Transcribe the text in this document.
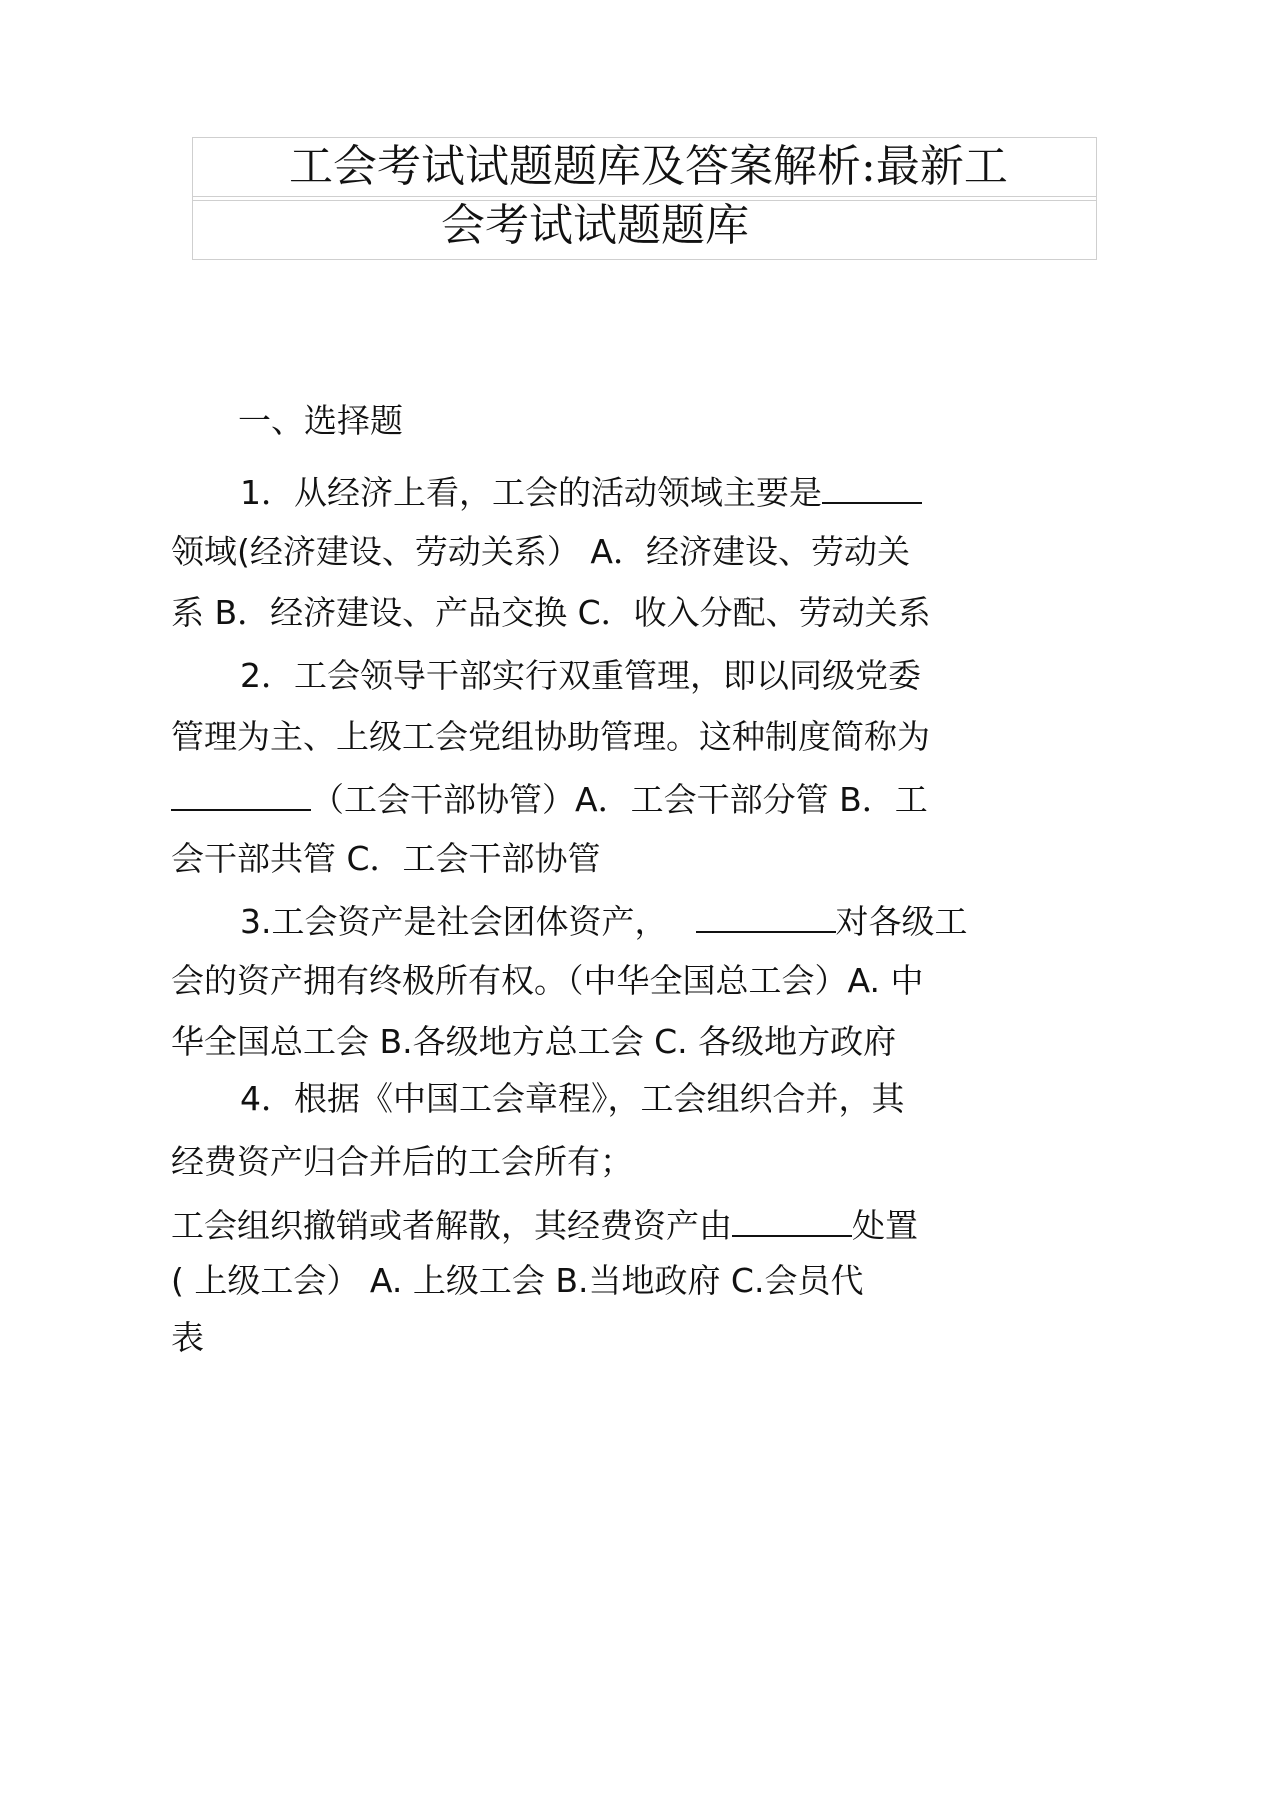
工会考试试题题库及答案解析:最新工
会考试试题题库
一、选择题
1．从经济上看，工会的活动领域主要是
领域(经济建设、劳动关系） A．经济建设、劳动关
系 B．经济建设、产品交换 C．收入分配、劳动关系
2．工会领导干部实行双重管理，即以同级党委
管理为主、上级工会党组协助管理。这种制度简称为
（工会干部协管）A．工会干部分管 B．工
会干部共管 C．工会干部协管
3.工会资产是社会团体资产，	对各级工
会的资产拥有终极所有权。（中华全国总工会）A. 中
华全国总工会 B.各级地方总工会 C. 各级地方政府
4．根据《中国工会章程》，工会组织合并，其
经费资产归合并后的工会所有；
工会组织撤销或者解散，其经费资产由	处置
( 上级工会） A. 上级工会 B.当地政府 C.会员代
表
